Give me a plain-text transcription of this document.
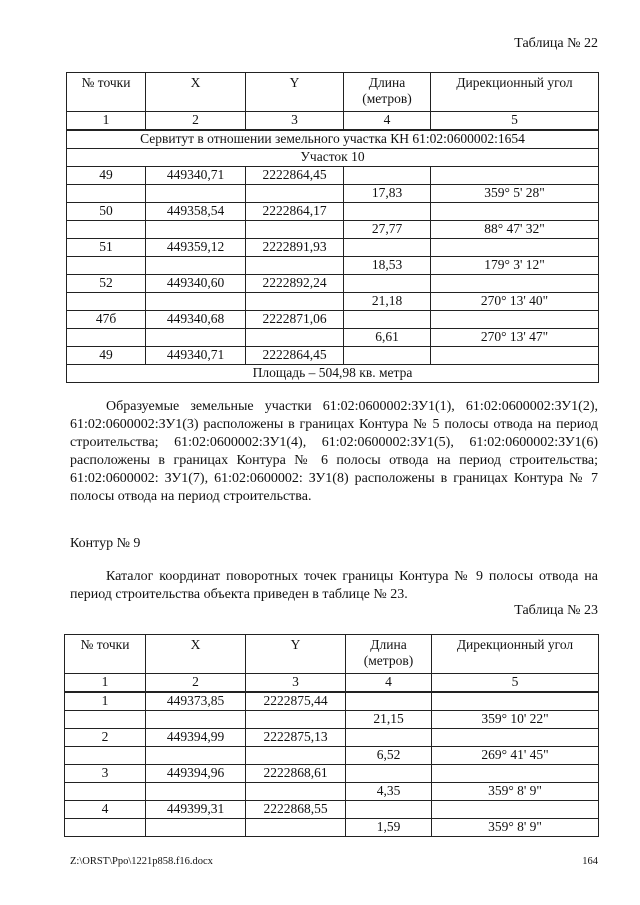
Таблица № 22
№ точки	X	Y	Длина (метров)	Дирекционный угол
1	2	3	4	5
Сервитут в отношении земельного участка КН 61:02:0600002:1654				
Участок 10				
49	449340,71	2222864,45		
			17,83	359° 5' 28"
50	449358,54	2222864,17		
			27,77	88° 47' 32"
51	449359,12	2222891,93		
			18,53	179° 3' 12"
52	449340,60	2222892,24		
			21,18	270° 13' 40"
47б	449340,68	2222871,06		
			6,61	270° 13' 47"
49	449340,71	2222864,45		
Площадь – 504,98 кв. метра				

Образуемые земельные участки 61:02:0600002:ЗУ1(1), 61:02:0600002:ЗУ1(2), 61:02:0600002:ЗУ1(3) расположены в границах Контура № 5 полосы отвода на период строительства; 61:02:0600002:ЗУ1(4), 61:02:0600002:ЗУ1(5), 61:02:0600002:ЗУ1(6) расположены в границах Контура № 6 полосы отвода на период строительства; 61:02:0600002: ЗУ1(7), 61:02:0600002: ЗУ1(8) расположены в границах Контура № 7 полосы отвода на период строительства.

Контур № 9

Каталог координат поворотных точек границы Контура № 9 полосы отвода на период строительства объекта приведен в таблице № 23.

Таблица № 23
№ точки	X	Y	Длина (метров)	Дирекционный угол
1	2	3	4	5
1	449373,85	2222875,44		
			21,15	359° 10' 22"
2	449394,99	2222875,13		
			6,52	269° 41' 45"
3	449394,96	2222868,61		
			4,35	359° 8' 9"
4	449399,31	2222868,55		
			1,59	359° 8' 9"
Z:\ORST\Ppo\1221p858.f16.docx	164
